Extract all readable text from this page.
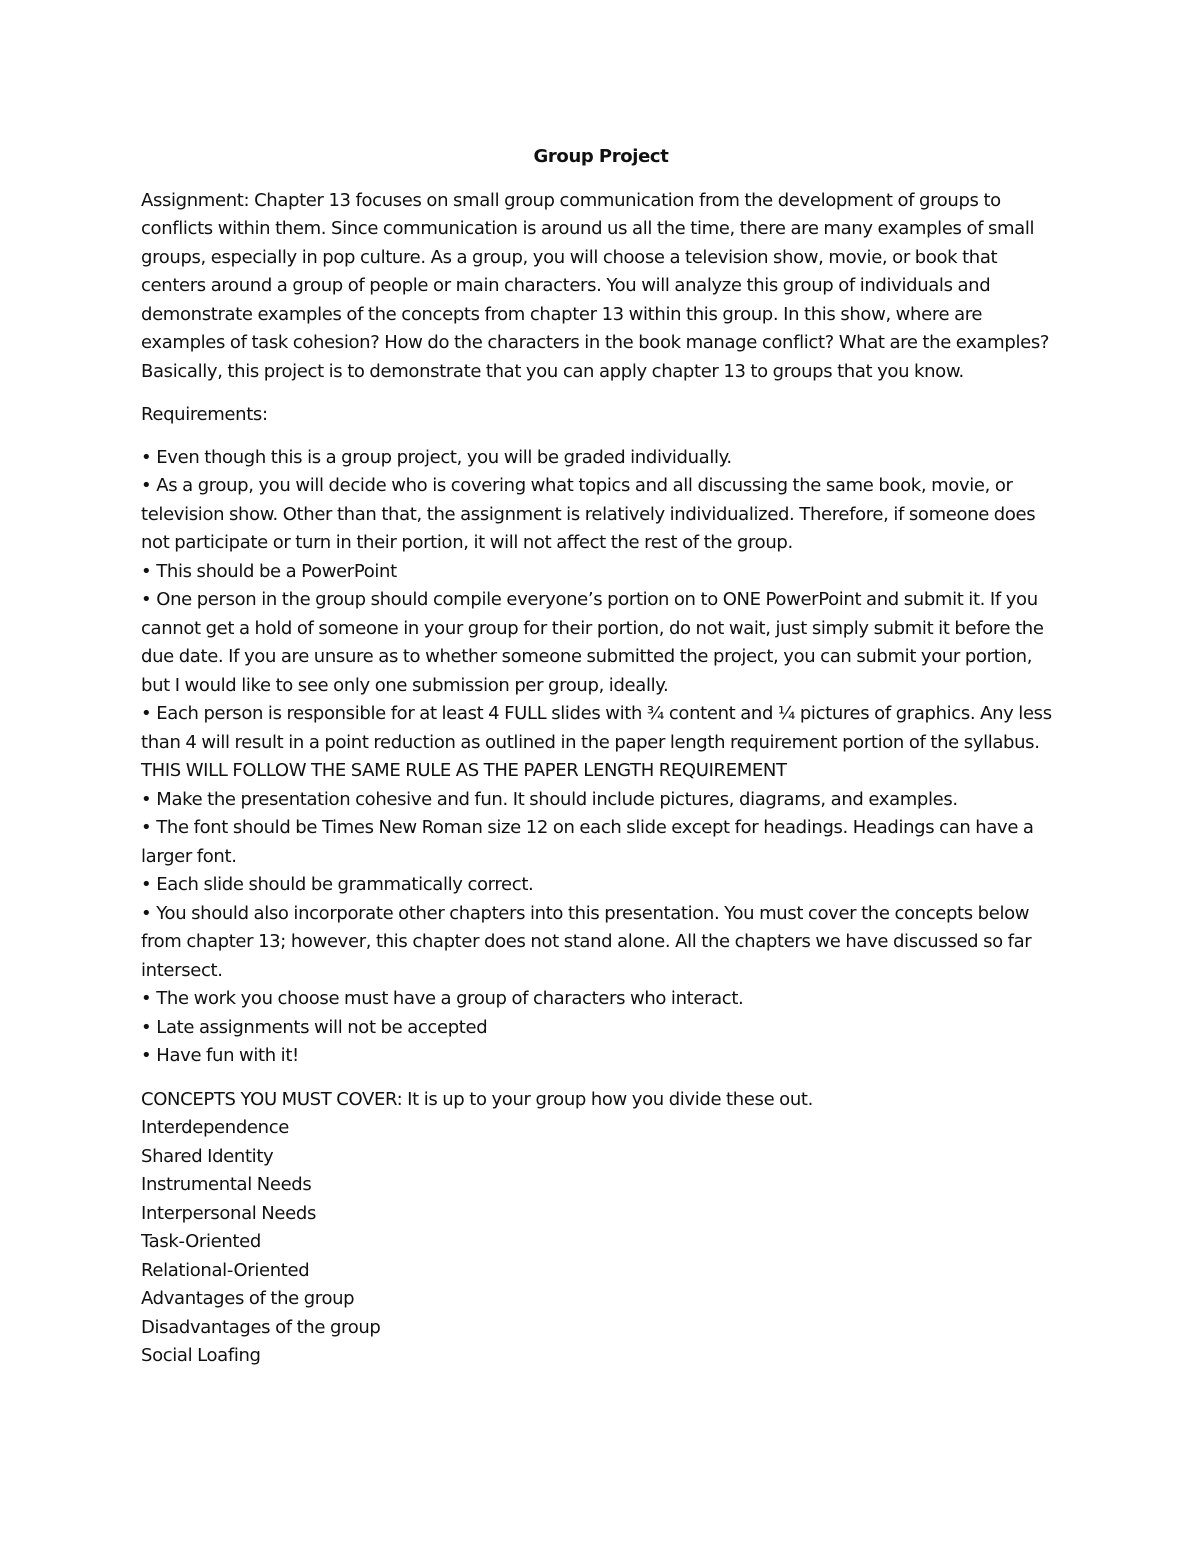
Group Project

Assignment: Chapter 13 focuses on small group communication from the development of groups to conflicts within them. Since communication is around us all the time, there are many examples of small groups, especially in pop culture. As a group, you will choose a television show, movie, or book that centers around a group of people or main characters. You will analyze this group of individuals and demonstrate examples of the concepts from chapter 13 within this group. In this show, where are examples of task cohesion? How do the characters in the book manage conflict? What are the examples? Basically, this project is to demonstrate that you can apply chapter 13 to groups that you know.

Requirements:

• Even though this is a group project, you will be graded individually.
• As a group, you will decide who is covering what topics and all discussing the same book, movie, or television show. Other than that, the assignment is relatively individualized. Therefore, if someone does not participate or turn in their portion, it will not affect the rest of the group.
• This should be a PowerPoint
• One person in the group should compile everyone’s portion on to ONE PowerPoint and submit it. If you cannot get a hold of someone in your group for their portion, do not wait, just simply submit it before the due date. If you are unsure as to whether someone submitted the project, you can submit your portion, but I would like to see only one submission per group, ideally.
• Each person is responsible for at least 4 FULL slides with ¾ content and ¼ pictures of graphics. Any less than 4 will result in a point reduction as outlined in the paper length requirement portion of the syllabus. THIS WILL FOLLOW THE SAME RULE AS THE PAPER LENGTH REQUIREMENT
• Make the presentation cohesive and fun. It should include pictures, diagrams, and examples.
• The font should be Times New Roman size 12 on each slide except for headings. Headings can have a larger font.
• Each slide should be grammatically correct.
• You should also incorporate other chapters into this presentation. You must cover the concepts below from chapter 13; however, this chapter does not stand alone. All the chapters we have discussed so far intersect.
• The work you choose must have a group of characters who interact.
• Late assignments will not be accepted
• Have fun with it!
CONCEPTS YOU MUST COVER: It is up to your group how you divide these out.
Interdependence
Shared Identity
Instrumental Needs
Interpersonal Needs
Task-Oriented
Relational-Oriented
Advantages of the group
Disadvantages of the group
Social Loafing
